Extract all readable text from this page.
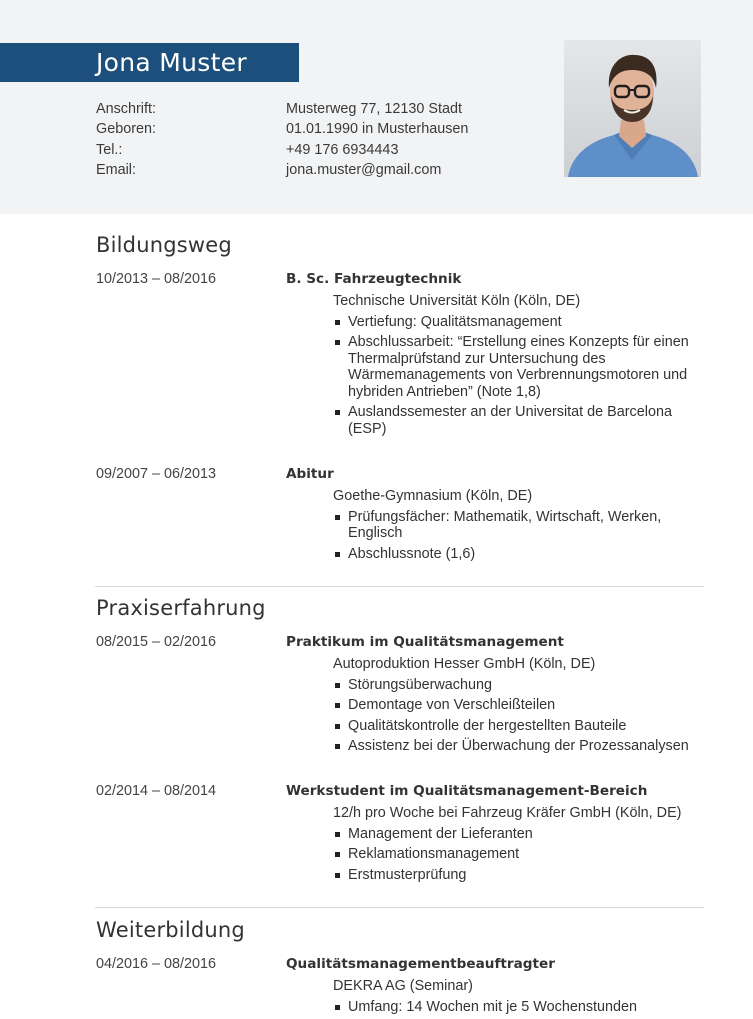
Jona Muster
Anschrift:	Musterweg 77, 12130 Stadt
Geboren:	01.01.1990 in Musterhausen
Tel.:	+49 176 6934443
Email:	jona.muster@gmail.com
Bildungsweg
10/2013 – 08/2016	B. Sc. Fahrzeugtechnik
Technische Universität Köln (Köln, DE)
Vertiefung: Qualitätsmanagement
Abschlussarbeit: “Erstellung eines Konzepts für einen Thermalprüfstand zur Untersuchung des Wärmemanagements von Verbrennungsmotoren und hybriden Antrieben” (Note 1,8)
Auslandssemester an der Universitat de Barcelona (ESP)
09/2007 – 06/2013	Abitur
Goethe-Gymnasium (Köln, DE)
Prüfungsfächer: Mathematik, Wirtschaft, Werken, Englisch
Abschlussnote (1,6)
Praxiserfahrung
08/2015 – 02/2016	Praktikum im Qualitätsmanagement
Autoproduktion Hesser GmbH (Köln, DE)
Störungsüberwachung
Demontage von Verschleißteilen
Qualitätskontrolle der hergestellten Bauteile
Assistenz bei der Überwachung der Prozessanalysen
02/2014 – 08/2014	Werkstudent im Qualitätsmanagement-Bereich
12/h pro Woche bei Fahrzeug Kräfer GmbH (Köln, DE)
Management der Lieferanten
Reklamationsmanagement
Erstmusterprüfung
Weiterbildung
04/2016 – 08/2016	Qualitätsmanagementbeauftragter
DEKRA AG (Seminar)
Umfang: 14 Wochen mit je 5 Wochenstunden
